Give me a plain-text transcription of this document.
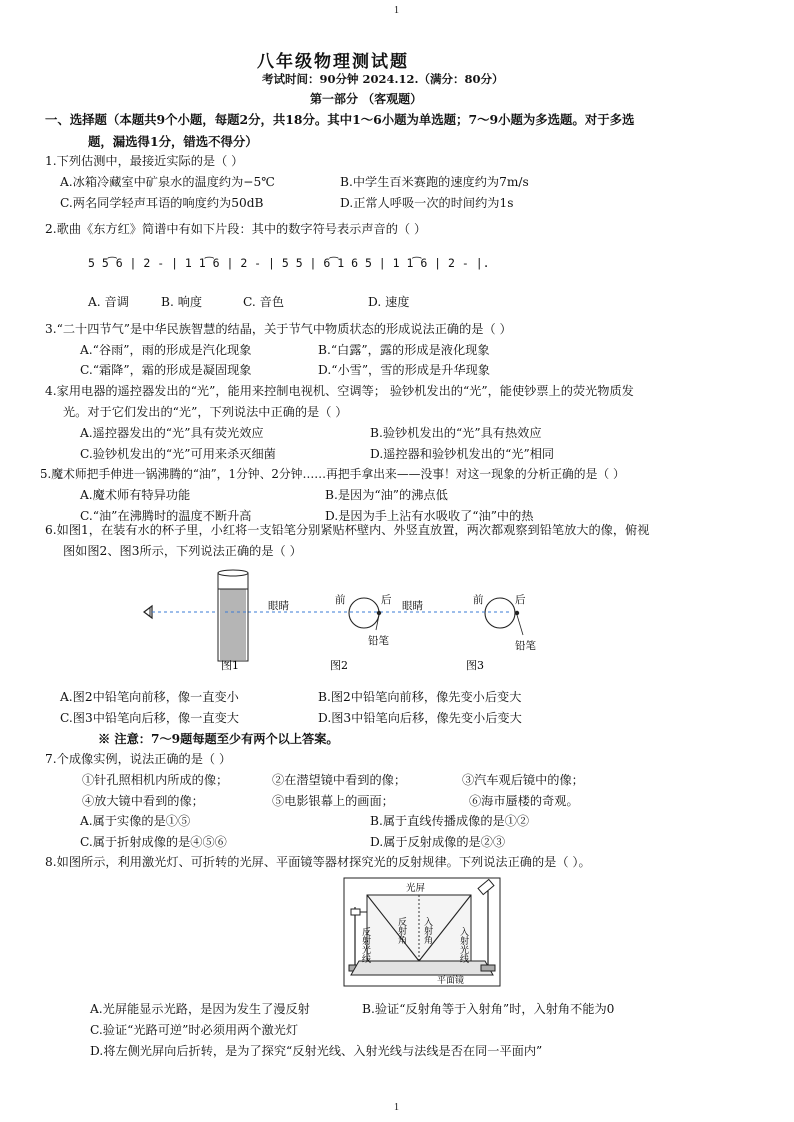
1
1
八年级物理测试题
考试时间：90分钟 2024.12.（满分：80分）
第一部分 （客观题）
一、选择题（本题共9个小题，每题2分，共18分。其中1～6小题为单选题；7～9小题为多选题。对于多选
题，漏选得1分，错选不得分）
1.下列估测中，最接近实际的是（ ）
A.冰箱冷藏室中矿泉水的温度约为−5℃	B.中学生百米赛跑的速度约为7m/s
C.两名同学轻声耳语的响度约为50dB	D.正常人呼吸一次的时间约为1s
2.歌曲《东方红》简谱中有如下片段：其中的数字符号表示声音的（ ）
5 5͡6 | 2 - | 1 1͡6 | 2 - | 5 5 | 6͡1 6 5 | 1 1͡6 | 2 - |.
A. 音调	B. 响度	C. 音色	D. 速度
3.“二十四节气”是中华民族智慧的结晶，关于节气中物质状态的形成说法正确的是（ ）
A.“谷雨”，雨的形成是汽化现象	B.“白露”，露的形成是液化现象
C.“霜降”，霜的形成是凝固现象	D.“小雪”，雪的形成是升华现象
4.家用电器的遥控器发出的“光”，能用来控制电视机、空调等； 验钞机发出的“光”，能使钞票上的荧光物质发
光。对于它们发出的“光”，下列说法中正确的是（ ）
A.遥控器发出的“光”具有荧光效应	B.验钞机发出的“光”具有热效应
C.验钞机发出的“光”可用来杀灭细菌	D.遥控器和验钞机发出的“光”相同
5.魔术师把手伸进一锅沸腾的“油”，1分钟、2分钟……再把手拿出来——没事！对这一现象的分析正确的是（ ）
A.魔术师有特异功能	B.是因为“油”的沸点低
C.“油”在沸腾时的温度不断升高	D.是因为手上沾有水吸收了“油”中的热
6.如图1，在装有水的杯子里，小红将一支铅笔分别紧贴杯壁内、外竖直放置，两次都观察到铅笔放大的像，俯视
图如图2、图3所示，下列说法正确的是（ ）
图1
眼睛	前	后
铅笔
图2
眼睛	前	后
铅笔
图3
A.图2中铅笔向前移，像一直变小	B.图2中铅笔向前移，像先变小后变大
C.图3中铅笔向后移，像一直变大	D.图3中铅笔向后移，像先变小后变大
※ 注意：7～9题每题至少有两个以上答案。
7.个成像实例，说法正确的是（ ）
①针孔照相机内所成的像；	②在潜望镜中看到的像；	③汽车观后镜中的像；
④放大镜中看到的像；	⑤电影银幕上的画面；	⑥海市蜃楼的奇观。
A.属于实像的是①⑤	B.属于直线传播成像的是①②
C.属于折射成像的是④⑤⑥	D.属于反射成像的是②③
8.如图所示，利用激光灯、可折转的光屏、平面镜等器材探究光的反射规律。下列说法正确的是（ ）。
光屏
反射光线	反射角 入射角	入射光线
平面镜
A.光屏能显示光路，是因为发生了漫反射	B.验证“反射角等于入射角”时，入射角不能为0
C.验证“光路可逆”时必须用两个激光灯
D.将左侧光屏向后折转，是为了探究“反射光线、入射光线与法线是否在同一平面内”
